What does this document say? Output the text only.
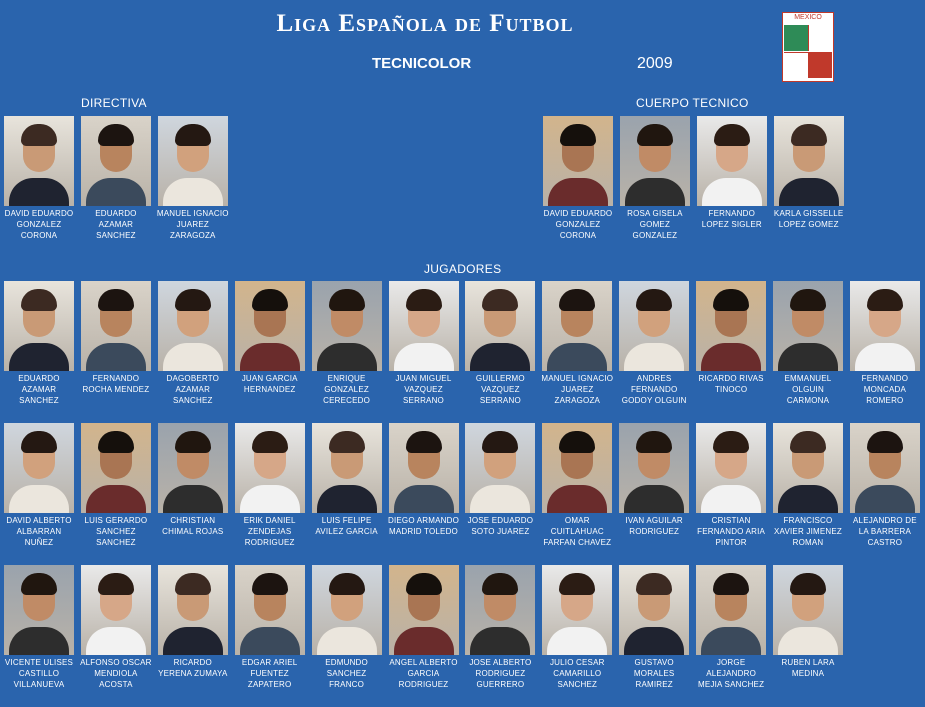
Liga Española de Futbol
TECNICOLOR	2009
MEXICO
DIRECTIVA	CUERPO TECNICO
JUGADORES
DAVID EDUARDO GONZALEZ CORONA
EDUARDO AZAMAR SANCHEZ
MANUEL IGNACIO JUAREZ ZARAGOZA
DAVID EDUARDO GONZALEZ CORONA
ROSA GISELA GOMEZ GONZALEZ
FERNANDO LOPEZ SIGLER
KARLA GISSELLE LOPEZ GOMEZ
EDUARDO AZAMAR SANCHEZ
FERNANDO ROCHA MENDEZ
DAGOBERTO AZAMAR SANCHEZ
JUAN GARCIA HERNANDEZ
ENRIQUE GONZALEZ CERECEDO
JUAN MIGUEL VAZQUEZ SERRANO
GUILLERMO VAZQUEZ SERRANO
MANUEL IGNACIO JUAREZ ZARAGOZA
ANDRES FERNANDO GODOY OLGUIN
RICARDO RIVAS TINOCO
EMMANUEL OLGUIN CARMONA
FERNANDO MONCADA ROMERO
DAVID ALBERTO ALBARRAN NUÑEZ
LUIS GERARDO SANCHEZ SANCHEZ
CHRISTIAN CHIMAL ROJAS
ERIK DANIEL ZENDEJAS RODRIGUEZ
LUIS FELIPE AVILEZ GARCIA
DIEGO ARMANDO MADRID TOLEDO
JOSE EDUARDO SOTO JUAREZ
OMAR CUITLAHUAC FARFAN CHAVEZ
IVAN AGUILAR RODRIGUEZ
CRISTIAN FERNANDO ARIA PINTOR
FRANCISCO XAVIER JIMENEZ ROMAN
ALEJANDRO DE LA BARRERA CASTRO
VICENTE ULISES CASTILLO VILLANUEVA
ALFONSO OSCAR MENDIOLA ACOSTA
RICARDO YERENA ZUMAYA
EDGAR ARIEL FUENTEZ ZAPATERO
EDMUNDO SANCHEZ FRANCO
ANGEL ALBERTO GARCIA RODRIGUEZ
JOSE ALBERTO RODRIGUEZ GUERRERO
JULIO CESAR CAMARILLO SANCHEZ
GUSTAVO MORALES RAMIREZ
JORGE ALEJANDRO MEJIA SANCHEZ
RUBEN LARA MEDINA
